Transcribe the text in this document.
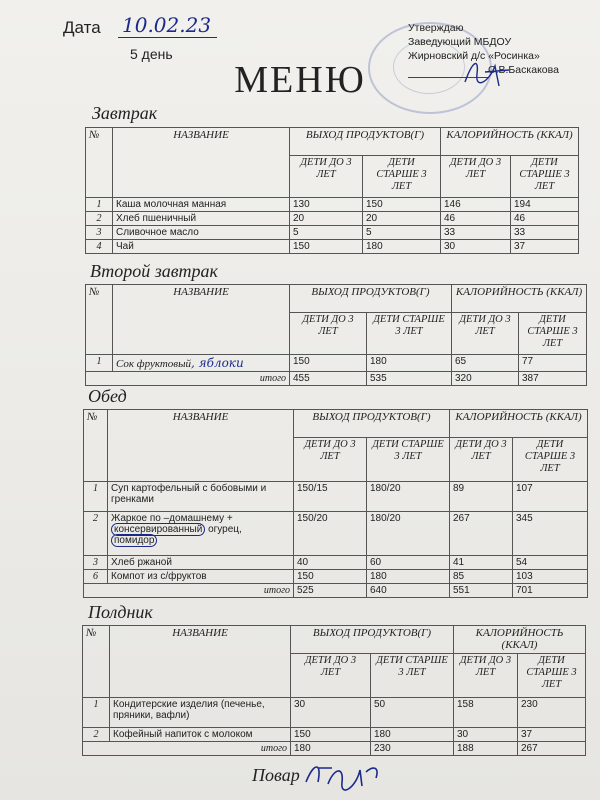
Дата 10.02.23
5 день
Утверждаю
Заведующий МБДОУ
Жирновский д/с «Росинка»
С.В.Баскакова
МЕНЮ
Завтрак
№	НАЗВАНИЕ	ВЫХОД ПРОДУКТОВ(Г)		КАЛОРИЙНОСТЬ (ККАЛ)	
		ДЕТИ ДО 3 ЛЕТ	ДЕТИ СТАРШЕ 3 ЛЕТ	ДЕТИ ДО 3 ЛЕТ	ДЕТИ СТАРШЕ 3 ЛЕТ
1	Каша молочная манная	130	150	146	194
2	Хлеб пшеничный	20	20	46	46
3	Сливочное масло	5	5	33	33
4	Чай	150	180	30	37
Второй завтрак
№	НАЗВАНИЕ	ВЫХОД ПРОДУКТОВ(Г)		КАЛОРИЙНОСТЬ (ККАЛ)	
		ДЕТИ ДО 3 ЛЕТ	ДЕТИ СТАРШЕ 3 ЛЕТ	ДЕТИ ДО 3 ЛЕТ	ДЕТИ СТАРШЕ 3 ЛЕТ
1	Сок фруктовый, яблоки	150	180	65	77
итого		455	535	320	387
Обед
№	НАЗВАНИЕ	ВЫХОД ПРОДУКТОВ(Г)		КАЛОРИЙНОСТЬ (ККАЛ)	
		ДЕТИ ДО 3 ЛЕТ	ДЕТИ СТАРШЕ 3 ЛЕТ	ДЕТИ ДО 3 ЛЕТ	ДЕТИ СТАРШЕ 3 ЛЕТ
1	Суп картофельный с бобовыми и гренками	150/15	180/20	89	107
2	Жаркое по –домашнему +
консервированный огурец,
помидор	150/20	180/20	267	345
3	Хлеб ржаной	40	60	41	54
6	Компот из с/фруктов	150	180	85	103
итого		525	640	551	701
Полдник
№	НАЗВАНИЕ	ВЫХОД ПРОДУКТОВ(Г)		КАЛОРИЙНОСТЬ (ККАЛ)	
		ДЕТИ ДО 3 ЛЕТ	ДЕТИ СТАРШЕ 3 ЛЕТ	ДЕТИ ДО 3 ЛЕТ	ДЕТИ СТАРШЕ 3 ЛЕТ
1	Кондитерские изделия (печенье, пряники, вафли)	30	50	158	230
2	Кофейный напиток с молоком	150	180	30	37
итого		180	230	188	267
Повар
